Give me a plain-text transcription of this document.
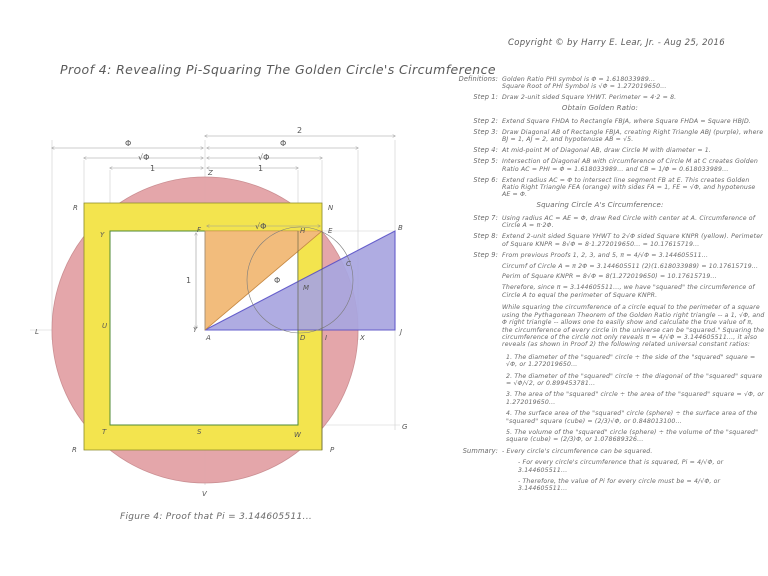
Proof 4: Revealing Pi-Squaring The Golden Circle's Circumference
Copyright © by Harry E. Lear, Jr. - Aug 25, 2016
2
Φ	Φ
√Φ	√Φ
1	1
√Φ
1	Φ
Z
R	N
Y
F	H	E	B
C
M
L
U	Y
A	D	I	X
J
T	S	W
G
R	P
V
Figure 4: Proof that Pi = 3.144605511...
Definitions: Golden Ratio PHI symbol is Φ = 1.618033989...
Square Root of PHI Symbol is √Φ = 1.272019650...
Step 1: Draw 2-unit sided Square YHWT. Perimeter = 4·2 = 8.
Obtain Golden Ratio:
Step 2: Extend Square FHDA to Rectangle FBJA, where Square FHDA = Square HBJD.
Step 3: Draw Diagonal AB of Rectangle FBJA, creating Right Triangle ABJ (purple), where BJ = 1, AJ = 2, and hypotenuse AB = √5.
Step 4: At mid-point M of Diagonal AB, draw Circle M with diameter = 1.
Step 5: Intersection of Diagonal AB with circumference of Circle M at C creates Golden Ratio AC = PHI = Φ = 1.618033989... and CB = 1/Φ = 0.618033989...
Step 6: Extend radius AC = Φ to intersect line segment FB at E. This creates Golden Ratio Right Triangle FEA (orange) with sides FA = 1, FE = √Φ, and hypotenuse AE = Φ.
Squaring Circle A's Circumference:
Step 7: Using radius AC = AE = Φ, draw Red Circle with center at A. Circumference of Circle A = π·2Φ.
Step 8: Extend 2-unit sided Square YHWT to 2√Φ sided Square KNPR (yellow). Perimeter of Square KNPR = 8√Φ = 8·1.272019650... = 10.17615719...
Step 9: From previous Proofs 1, 2, 3, and 5, π = 4/√Φ = 3.144605511...
Circumf of Circle A = π 2Φ = 3.144605511 (2)(1.618033989) = 10.17615719...
Perim of Square KNPR = 8√Φ = 8(1.272019650) = 10.17615719...
Therefore, since π = 3.144605511..., we have "squared" the circumference of Circle A to equal the perimeter of Square KNPR.
While squaring the circumference of a circle equal to the perimeter of a square using the Pythagorean Theorem of the Golden Ratio right triangle -- a 1, √Φ, and Φ right triangle -- allows one to easily show and calculate the true value of π, the circumference of every circle in the universe can be "squared." Squaring the circumference of the circle not only reveals π = 4/√Φ = 3.144605511..., it also reveals (as shown in Proof 2) the following related universal constant ratios:
1. The diameter of the "squared" circle ÷ the side of the "squared" square = √Φ, or 1.272019650...
2. The diameter of the "squared" circle ÷ the diagonal of the "squared" square = √Φ/√2, or 0.899453781...
3. The area of the "squared" circle ÷ the area of the "squared" square = √Φ, or 1.272019650...
4. The surface area of the "squared" circle (sphere) ÷ the surface area of the "squared" square (cube) = (2/3)√Φ, or 0.848013100...
5. The volume of the "squared" circle (sphere) ÷ the volume of the "squared" square (cube) = (2/3)Φ, or 1.078689326...
Summary: - Every circle's circumference can be squared.
- For every circle's circumference that is squared, Pi = 4/√Φ, or 3.144605511...
- Therefore, the value of Pi for every circle must be = 4/√Φ, or 3.144605511...
